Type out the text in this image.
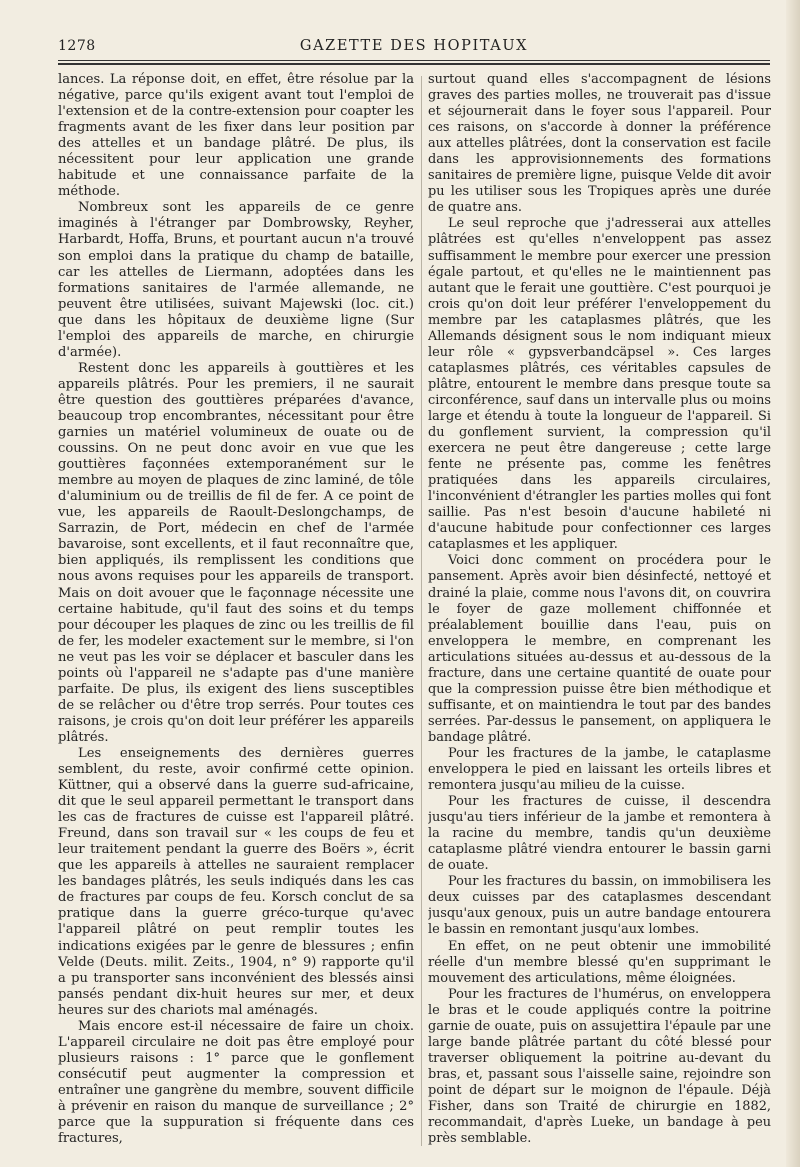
1278	GAZETTE DES HOPITAUX

lances. La réponse doit, en effet, être résolue par la négative, parce qu'ils exigent avant tout l'emploi de l'extension et de la contre-extension pour coapter les fragments avant de les fixer dans leur position par des attelles et un bandage plâtré. De plus, ils nécessitent pour leur application une grande habitude et une connaissance parfaite de la méthode.

Nombreux sont les appareils de ce genre imaginés à l'étranger par Dombrowsky, Reyher, Harbardt, Hoffa, Bruns, et pourtant aucun n'a trouvé son emploi dans la pratique du champ de bataille, car les attelles de Liermann, adoptées dans les formations sanitaires de l'armée allemande, ne peuvent être utilisées, suivant Majewski (loc. cit.) que dans les hôpitaux de deuxième ligne (Sur l'emploi des appareils de marche, en chirurgie d'armée).

Restent donc les appareils à gouttières et les appareils plâtrés. Pour les premiers, il ne saurait être question des gouttières préparées d'avance, beaucoup trop encombrantes, nécessitant pour être garnies un matériel volumineux de ouate ou de coussins. On ne peut donc avoir en vue que les gouttières façonnées extemporanément sur le membre au moyen de plaques de zinc laminé, de tôle d'aluminium ou de treillis de fil de fer. A ce point de vue, les appareils de Raoult-Deslongchamps, de Sarrazin, de Port, médecin en chef de l'armée bavaroise, sont excellents, et il faut reconnaître que, bien appliqués, ils remplissent les conditions que nous avons requises pour les appareils de transport. Mais on doit avouer que le façonnage nécessite une certaine habitude, qu'il faut des soins et du temps pour découper les plaques de zinc ou les treillis de fil de fer, les modeler exactement sur le membre, si l'on ne veut pas les voir se déplacer et basculer dans les points où l'appareil ne s'adapte pas d'une manière parfaite. De plus, ils exigent des liens susceptibles de se relâcher ou d'être trop serrés. Pour toutes ces raisons, je crois qu'on doit leur préférer les appareils plâtrés.

Les enseignements des dernières guerres semblent, du reste, avoir confirmé cette opinion. Küttner, qui a observé dans la guerre sud-africaine, dit que le seul appareil permettant le transport dans les cas de fractures de cuisse est l'appareil plâtré. Freund, dans son travail sur « les coups de feu et leur traitement pendant la guerre des Boërs », écrit que les appareils à attelles ne sauraient remplacer les bandages plâtrés, les seuls indiqués dans les cas de fractures par coups de feu. Korsch conclut de sa pratique dans la guerre gréco-turque qu'avec l'appareil plâtré on peut remplir toutes les indications exigées par le genre de blessures ; enfin Velde (Deuts. milit. Zeits., 1904, n° 9) rapporte qu'il a pu transporter sans inconvénient des blessés ainsi pansés pendant dix-huit heures sur mer, et deux heures sur des chariots mal aménagés.

Mais encore est-il nécessaire de faire un choix. L'appareil circulaire ne doit pas être employé pour plusieurs raisons : 1° parce que le gonflement consécutif peut augmenter la compression et entraîner une gangrène du membre, souvent difficile à prévenir en raison du manque de surveillance ; 2° parce que la suppuration si fréquente dans ces fractures,

surtout quand elles s'accompagnent de lésions graves des parties molles, ne trouverait pas d'issue et séjournerait dans le foyer sous l'appareil. Pour ces raisons, on s'accorde à donner la préférence aux attelles plâtrées, dont la conservation est facile dans les approvisionnements des formations sanitaires de première ligne, puisque Velde dit avoir pu les utiliser sous les Tropiques après une durée de quatre ans.

Le seul reproche que j'adresserai aux attelles plâtrées est qu'elles n'enveloppent pas assez suffisamment le membre pour exercer une pression égale partout, et qu'elles ne le maintiennent pas autant que le ferait une gouttière. C'est pourquoi je crois qu'on doit leur préférer l'enveloppement du membre par les cataplasmes plâtrés, que les Allemands désignent sous le nom indiquant mieux leur rôle « gypsverbandcäpsel ». Ces larges cataplasmes plâtrés, ces véritables capsules de plâtre, entourent le membre dans presque toute sa circonférence, sauf dans un intervalle plus ou moins large et étendu à toute la longueur de l'appareil. Si du gonflement survient, la compression qu'il exercera ne peut être dangereuse ; cette large fente ne présente pas, comme les fenêtres pratiquées dans les appareils circulaires, l'inconvénient d'étrangler les parties molles qui font saillie. Pas n'est besoin d'aucune habileté ni d'aucune habitude pour confectionner ces larges cataplasmes et les appliquer.

Voici donc comment on procédera pour le pansement. Après avoir bien désinfecté, nettoyé et drainé la plaie, comme nous l'avons dit, on couvrira le foyer de gaze mollement chiffonnée et préalablement bouillie dans l'eau, puis on enveloppera le membre, en comprenant les articulations situées au-dessus et au-dessous de la fracture, dans une certaine quantité de ouate pour que la compression puisse être bien méthodique et suffisante, et on maintiendra le tout par des bandes serrées. Par-dessus le pansement, on appliquera le bandage plâtré.

Pour les fractures de la jambe, le cataplasme enveloppera le pied en laissant les orteils libres et remontera jusqu'au milieu de la cuisse.

Pour les fractures de cuisse, il descendra jusqu'au tiers inférieur de la jambe et remontera à la racine du membre, tandis qu'un deuxième cataplasme plâtré viendra entourer le bassin garni de ouate.

Pour les fractures du bassin, on immobilisera les deux cuisses par des cataplasmes descendant jusqu'aux genoux, puis un autre bandage entourera le bassin en remontant jusqu'aux lombes.

En effet, on ne peut obtenir une immobilité réelle d'un membre blessé qu'en supprimant le mouvement des articulations, même éloignées.

Pour les fractures de l'humérus, on enveloppera le bras et le coude appliqués contre la poitrine garnie de ouate, puis on assujettira l'épaule par une large bande plâtrée partant du côté blessé pour traverser obliquement la poitrine au-devant du bras, et, passant sous l'aisselle saine, rejoindre son point de départ sur le moignon de l'épaule. Déjà Fisher, dans son Traité de chirurgie en 1882, recommandait, d'après Lueke, un bandage à peu près semblable.
